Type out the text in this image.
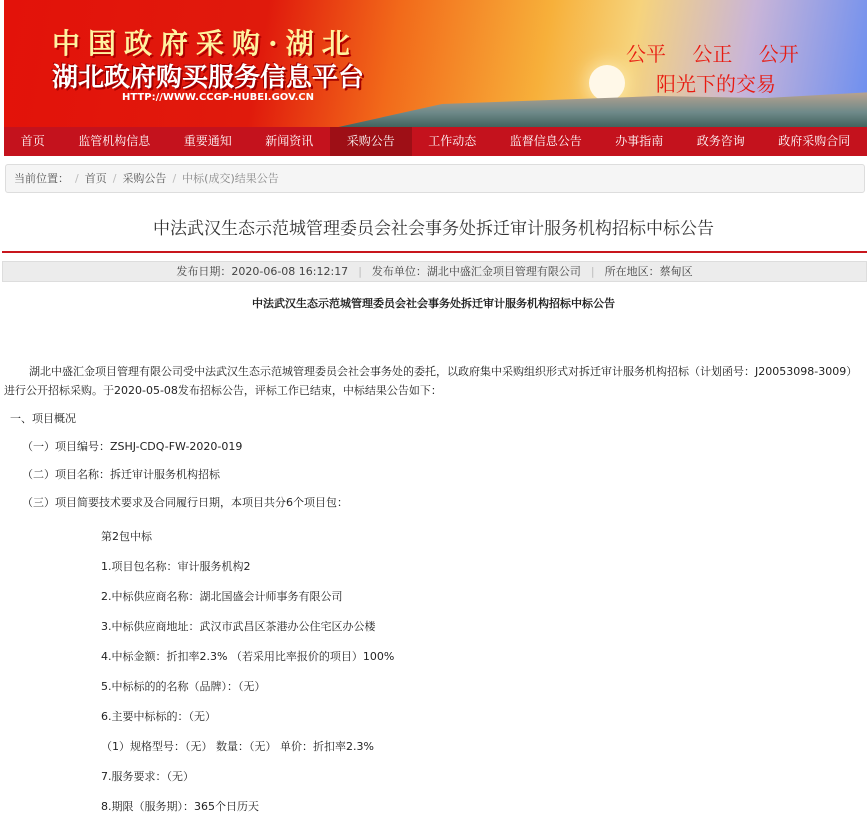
中国政府采购·湖北
湖北政府购买服务信息平台
HTTP://WWW.CCGP-HUBEI.GOV.CN
公平 公正 公开
阳光下的交易
首页	监管机构信息	重要通知	新闻资讯	采购公告	工作动态	监督信息公告	办事指南	政务咨询	政府采购合同
当前位置： / 首页 / 采购公告 / 中标(成交)结果公告
中法武汉生态示范城管理委员会社会事务处拆迁审计服务机构招标中标公告
发布日期：2020-06-08 16:12:17 | 发布单位：湖北中盛汇金项目管理有限公司 | 所在地区：蔡甸区
中法武汉生态示范城管理委员会社会事务处拆迁审计服务机构招标中标公告
湖北中盛汇金项目管理有限公司受中法武汉生态示范城管理委员会社会事务处的委托，以政府集中采购组织形式对拆迁审计服务机构招标（计划函号：J20053098-3009）进行公开招标采购。于2020-05-08发布招标公告，评标工作已结束，中标结果公告如下：
一、项目概况
（一）项目编号：ZSHJ-CDQ-FW-2020-019
（二）项目名称：拆迁审计服务机构招标
（三）项目简要技术要求及合同履行日期，本项目共分6个项目包：
第2包中标
1.项目包名称：审计服务机构2
2.中标供应商名称：湖北国盛会计师事务有限公司
3.中标供应商地址：武汉市武昌区茶港办公住宅区办公楼
4.中标金额：折扣率2.3% （若采用比率报价的项目）100%
5.中标标的的名称（品牌）：（无）
6.主要中标标的：（无）
（1）规格型号：（无） 数量：（无） 单价：折扣率2.3%
7.服务要求：（无）
8.期限（服务期）：365个日历天
